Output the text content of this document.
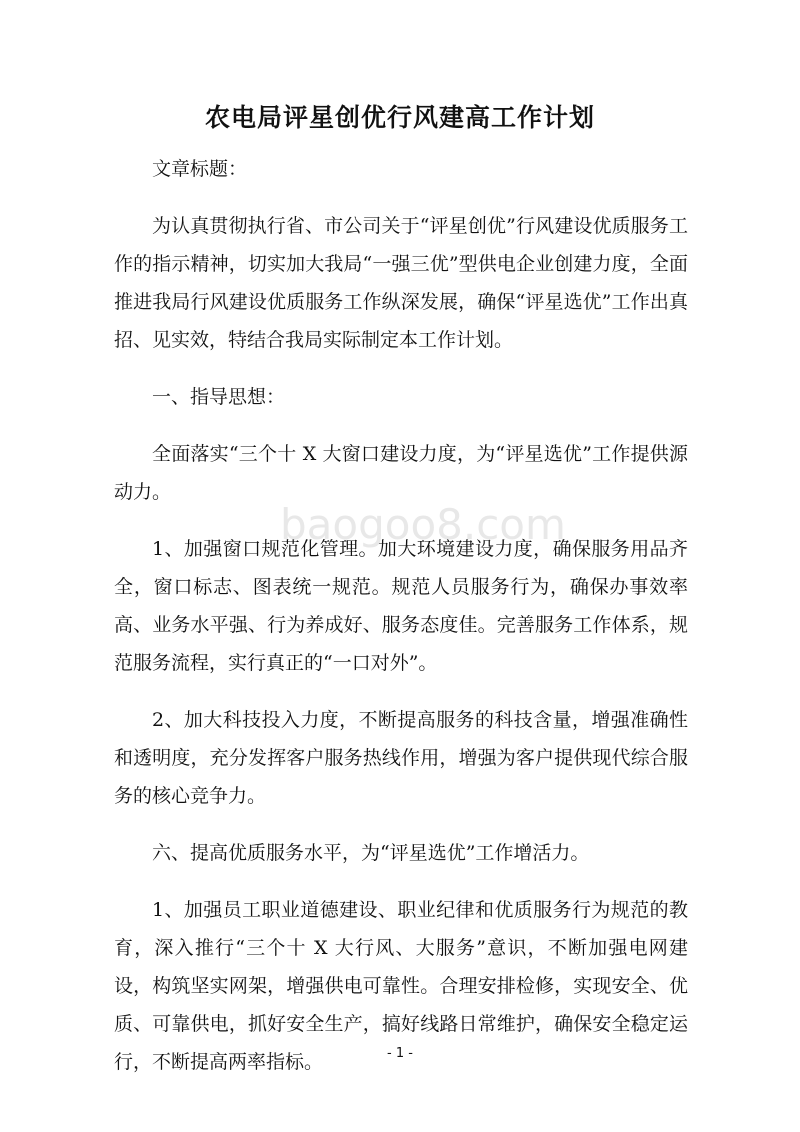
农电局评星创优行风建高工作计划

文章标题：

为认真贯彻执行省、市公司关于“评星创优”行风建设优质服务工作的指示精神，切实加大我局“一强三优”型供电企业创建力度，全面推进我局行风建设优质服务工作纵深发展，确保“评星选优”工作出真招、见实效，特结合我局实际制定本工作计划。

一、指导思想：

全面落实“三个十 X 大窗口建设力度，为“评星选优”工作提供源动力。

1、加强窗口规范化管理。加大环境建设力度，确保服务用品齐全，窗口标志、图表统一规范。规范人员服务行为，确保办事效率高、业务水平强、行为养成好、服务态度佳。完善服务工作体系，规范服务流程，实行真正的“一口对外”。

2、加大科技投入力度，不断提高服务的科技含量，增强准确性和透明度，充分发挥客户服务热线作用，增强为客户提供现代综合服务的核心竞争力。

六、提高优质服务水平，为“评星选优”工作增活力。

1、加强员工职业道德建设、职业纪律和优质服务行为规范的教育，深入推行“三个十 X 大行风、大服务”意识，不断加强电网建设，构筑坚实网架，增强供电可靠性。合理安排检修，实现安全、优质、可靠供电，抓好安全生产，搞好线路日常维护，确保安全稳定运行，不断提高两率指标。

baogoo8.com
- 1 -
